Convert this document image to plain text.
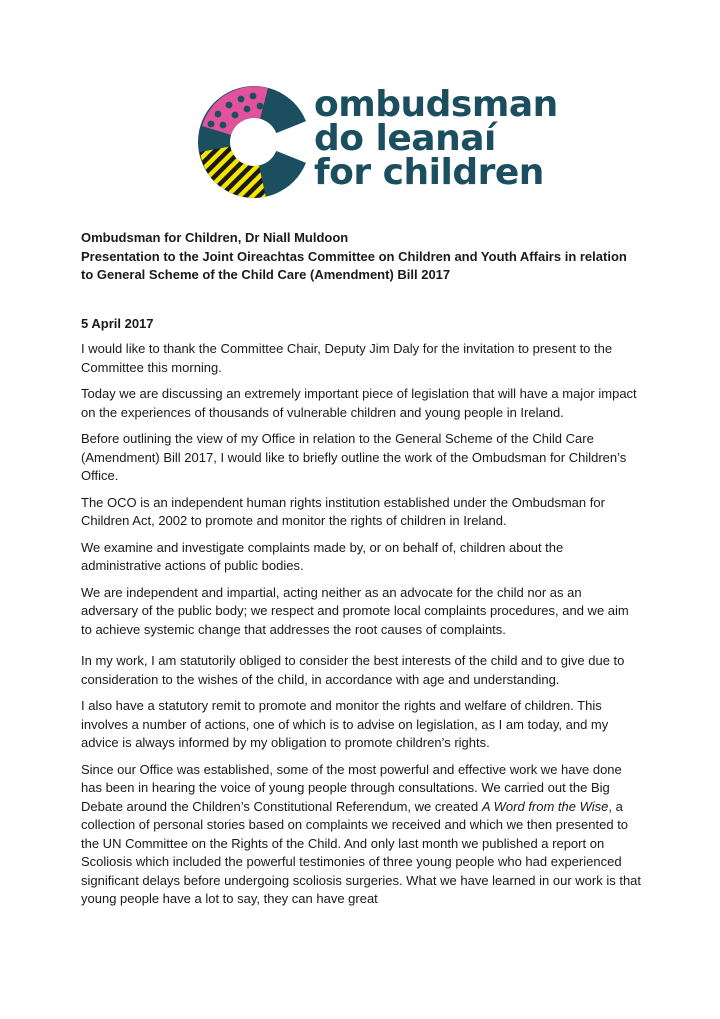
ombudsman
do leanaí
for children

Ombudsman for Children, Dr Niall Muldoon

Presentation to the Joint Oireachtas Committee on Children and Youth Affairs in relation to General Scheme of the Child Care (Amendment) Bill 2017

5 April 2017

I would like to thank the Committee Chair, Deputy Jim Daly for the invitation to present to the Committee this morning.

Today we are discussing an extremely important piece of legislation that will have a major impact on the experiences of thousands of vulnerable children and young people in Ireland.

Before outlining the view of my Office in relation to the General Scheme of the Child Care (Amendment) Bill 2017, I would like to briefly outline the work of the Ombudsman for Children’s Office.

The OCO is an independent human rights institution established under the Ombudsman for Children Act, 2002 to promote and monitor the rights of children in Ireland.

We examine and investigate complaints made by, or on behalf of, children about the administrative actions of public bodies.

We are independent and impartial, acting neither as an advocate for the child nor as an adversary of the public body; we respect and promote local complaints procedures, and we aim to achieve systemic change that addresses the root causes of complaints.

In my work, I am statutorily obliged to consider the best interests of the child and to give due to consideration to the wishes of the child, in accordance with age and understanding.

I also have a statutory remit to promote and monitor the rights and welfare of children. This involves a number of actions, one of which is to advise on legislation, as I am today, and my advice is always informed by my obligation to promote children’s rights.

Since our Office was established, some of the most powerful and effective work we have done has been in hearing the voice of young people through consultations. We carried out the Big Debate around the Children’s Constitutional Referendum, we created A Word from the Wise, a collection of personal stories based on complaints we received and which we then presented to the UN Committee on the Rights of the Child. And only last month we published a report on Scoliosis which included the powerful testimonies of three young people who had experienced significant delays before undergoing scoliosis surgeries. What we have learned in our work is that young people have a lot to say, they can have great
